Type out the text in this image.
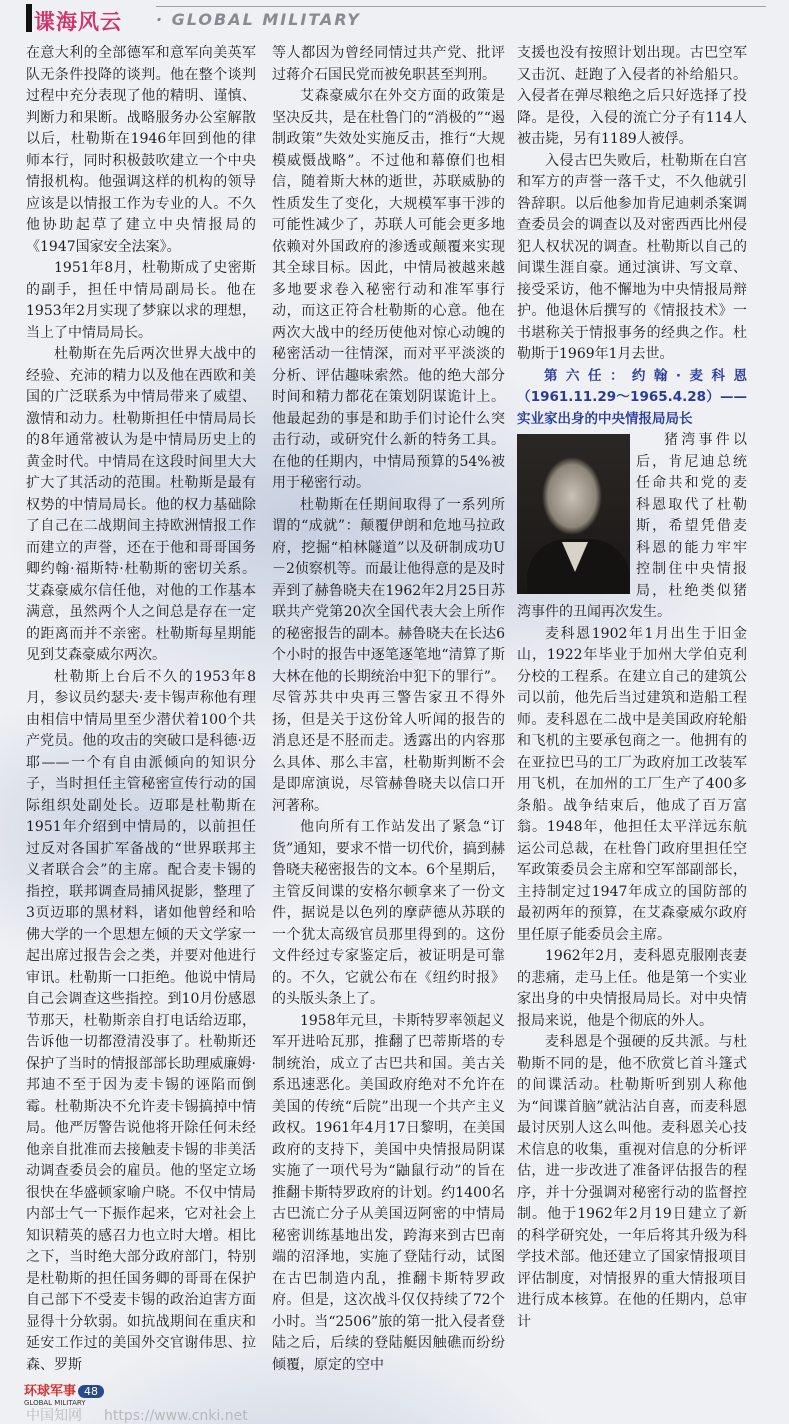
谍海风云 · GLOBAL MILITARY

在意大利的全部德军和意军向美英军队无条件投降的谈判。他在整个谈判过程中充分表现了他的精明、谨慎、判断力和果断。战略服务办公室解散以后，杜勒斯在1946年回到他的律师本行，同时积极鼓吹建立一个中央情报机构。他强调这样的机构的领导应该是以情报工作为专业的人。不久他协助起草了建立中央情报局的《1947国家安全法案》。

1951年8月，杜勒斯成了史密斯的副手，担任中情局副局长。他在1953年2月实现了梦寐以求的理想，当上了中情局局长。

杜勒斯在先后两次世界大战中的经验、充沛的精力以及他在西欧和美国的广泛联系为中情局带来了威望、激情和动力。杜勒斯担任中情局局长的8年通常被认为是中情局历史上的黄金时代。中情局在这段时间里大大扩大了其活动的范围。杜勒斯是最有权势的中情局局长。他的权力基础除了自己在二战期间主持欧洲情报工作而建立的声誉，还在于他和哥哥国务卿约翰·福斯特·杜勒斯的密切关系。艾森豪威尔信任他，对他的工作基本满意，虽然两个人之间总是存在一定的距离而并不亲密。杜勒斯每星期能见到艾森豪威尔两次。

杜勒斯上台后不久的1953年8月，参议员约瑟夫·麦卡锡声称他有理由相信中情局里至少潜伏着100个共产党员。他的攻击的突破口是科德·迈耶——一个有自由派倾向的知识分子，当时担任主管秘密宣传行动的国际组织处副处长。迈耶是杜勒斯在1951年介绍到中情局的，以前担任过反对各国扩军备战的“世界联邦主义者联合会”的主席。配合麦卡锡的指控，联邦调查局捕风捉影，整理了3页迈耶的黑材料，诸如他曾经和哈佛大学的一个思想左倾的天文学家一起出席过报告会之类，并要对他进行审讯。杜勒斯一口拒绝。他说中情局自己会调查这些指控。到10月份感恩节那天，杜勒斯亲自打电话给迈耶，告诉他一切都澄清没事了。杜勒斯还保护了当时的情报部部长助理威廉姆·邦迪不至于因为麦卡锡的诬陷而倒霉。杜勒斯决不允许麦卡锡搞掉中情局。他严厉警告说他将开除任何未经他亲自批准而去接触麦卡锡的非美活动调查委员会的雇员。他的坚定立场很快在华盛顿家喻户晓。不仅中情局内部士气一下振作起来，它对社会上知识精英的感召力也立时大增。相比之下，当时绝大部分政府部门，特别是杜勒斯的担任国务卿的哥哥在保护自己部下不受麦卡锡的政治迫害方面显得十分软弱。如抗战期间在重庆和延安工作过的美国外交官谢伟思、拉森、罗斯

环球军事 48
GLOBAL MILITARY
中国知网 https://www.cnki.net

等人都因为曾经同情过共产党、批评过蒋介石国民党而被免职甚至判刑。

艾森豪威尔在外交方面的政策是坚决反共，是在杜鲁门的“消极的”“遏制政策”失效处实施反击，推行“大规模威慑战略”。不过他和幕僚们也相信，随着斯大林的逝世，苏联威胁的性质发生了变化，大规模军事干涉的可能性减少了，苏联人可能会更多地依赖对外国政府的渗透或颠覆来实现其全球目标。因此，中情局被越来越多地要求卷入秘密行动和准军事行动，而这正符合杜勒斯的心意。他在两次大战中的经历使他对惊心动魄的秘密活动一往情深，而对平平淡淡的分析、评估趣味索然。他的绝大部分时间和精力都花在策划阴谋诡计上。他最起劲的事是和助手们讨论什么突击行动，或研究什么新的特务工具。在他的任期内，中情局预算的54%被用于秘密行动。

杜勒斯在任期间取得了一系列所谓的“成就”：颠覆伊朗和危地马拉政府，挖掘“柏林隧道”以及研制成功U－2侦察机等。而最让他得意的是及时弄到了赫鲁晓夫在1962年2月25日苏联共产党第20次全国代表大会上所作的秘密报告的副本。赫鲁晓夫在长达6个小时的报告中逐笔逐笔地“清算了斯大林在他的长期统治中犯下的罪行”。尽管苏共中央再三警告家丑不得外扬，但是关于这份耸人听闻的报告的消息还是不胫而走。透露出的内容那么具体、那么丰富，杜勒斯判断不会是即席演说，尽管赫鲁晓夫以信口开河著称。

他向所有工作站发出了紧急“订货”通知，要求不惜一切代价，搞到赫鲁晓夫秘密报告的文本。6个星期后，主管反间谍的安格尔顿拿来了一份文件，据说是以色列的摩萨德从苏联的一个犹太高级官员那里得到的。这份文件经过专家鉴定后，被证明是可靠的。不久，它就公布在《纽约时报》的头版头条上了。

1958年元旦，卡斯特罗率领起义军开进哈瓦那，推翻了巴蒂斯塔的专制统治，成立了古巴共和国。美古关系迅速恶化。美国政府绝对不允许在美国的传统“后院”出现一个共产主义政权。1961年4月17日黎明，在美国政府的支持下，美国中央情报局阴谋实施了一项代号为“鼬鼠行动”的旨在推翻卡斯特罗政府的计划。约1400名古巴流亡分子从美国迈阿密的中情局秘密训练基地出发，跨海来到古巴南端的沼泽地，实施了登陆行动，试图在古巴制造内乱，推翻卡斯特罗政府。但是，这次战斗仅仅持续了72个小时。当“2506”旅的第一批入侵者登陆之后，后续的登陆艇因触礁而纷纷倾覆，原定的空中

支援也没有按照计划出现。古巴空军又击沉、赶跑了入侵者的补给船只。入侵者在弹尽粮绝之后只好选择了投降。是役，入侵的流亡分子有114人被击毙，另有1189人被俘。

入侵古巴失败后，杜勒斯在白宫和军方的声誉一落千丈，不久他就引咎辞职。以后他参加肯尼迪刺杀案调查委员会的调查以及对密西西比州侵犯人权状况的调查。杜勒斯以自己的间谍生涯自豪。通过演讲、写文章、接受采访，他不懈地为中央情报局辩护。他退休后撰写的《情报技术》一书堪称关于情报事务的经典之作。杜勒斯于1969年1月去世。

第六任：约翰·麦科恩（1961.11.29～1965.4.28）——实业家出身的中央情报局局长

猪湾事件以后，肯尼迪总统任命共和党的麦科恩取代了杜勒斯，希望凭借麦科恩的能力牢牢控制住中央情报局，杜绝类似猪湾事件的丑闻再次发生。

麦科恩1902年1月出生于旧金山，1922年毕业于加州大学伯克利分校的工程系。在建立自己的建筑公司以前，他先后当过建筑和造船工程师。麦科恩在二战中是美国政府轮船和飞机的主要承包商之一。他拥有的在亚拉巴马的工厂为政府加工改装军用飞机，在加州的工厂生产了400多条船。战争结束后，他成了百万富翁。1948年，他担任太平洋远东航运公司总裁，在杜鲁门政府里担任空军政策委员会主席和空军部副部长，主持制定过1947年成立的国防部的最初两年的预算，在艾森豪威尔政府里任原子能委员会主席。

1962年2月，麦科恩克服刚丧妻的悲痛，走马上任。他是第一个实业家出身的中央情报局局长。对中央情报局来说，他是个彻底的外人。

麦科恩是个强硬的反共派。与杜勒斯不同的是，他不欣赏匕首斗篷式的间谍活动。杜勒斯听到别人称他为“间谍首脑”就沾沾自喜，而麦科恩最讨厌别人这么叫他。麦科恩关心技术信息的收集，重视对信息的分析评估，进一步改进了准备评估报告的程序，并十分强调对秘密行动的监督控制。他于1962年2月19日建立了新的科学研究处，一年后将其升级为科学技术部。他还建立了国家情报项目评估制度，对情报界的重大情报项目进行成本核算。在他的任期内，总审计
